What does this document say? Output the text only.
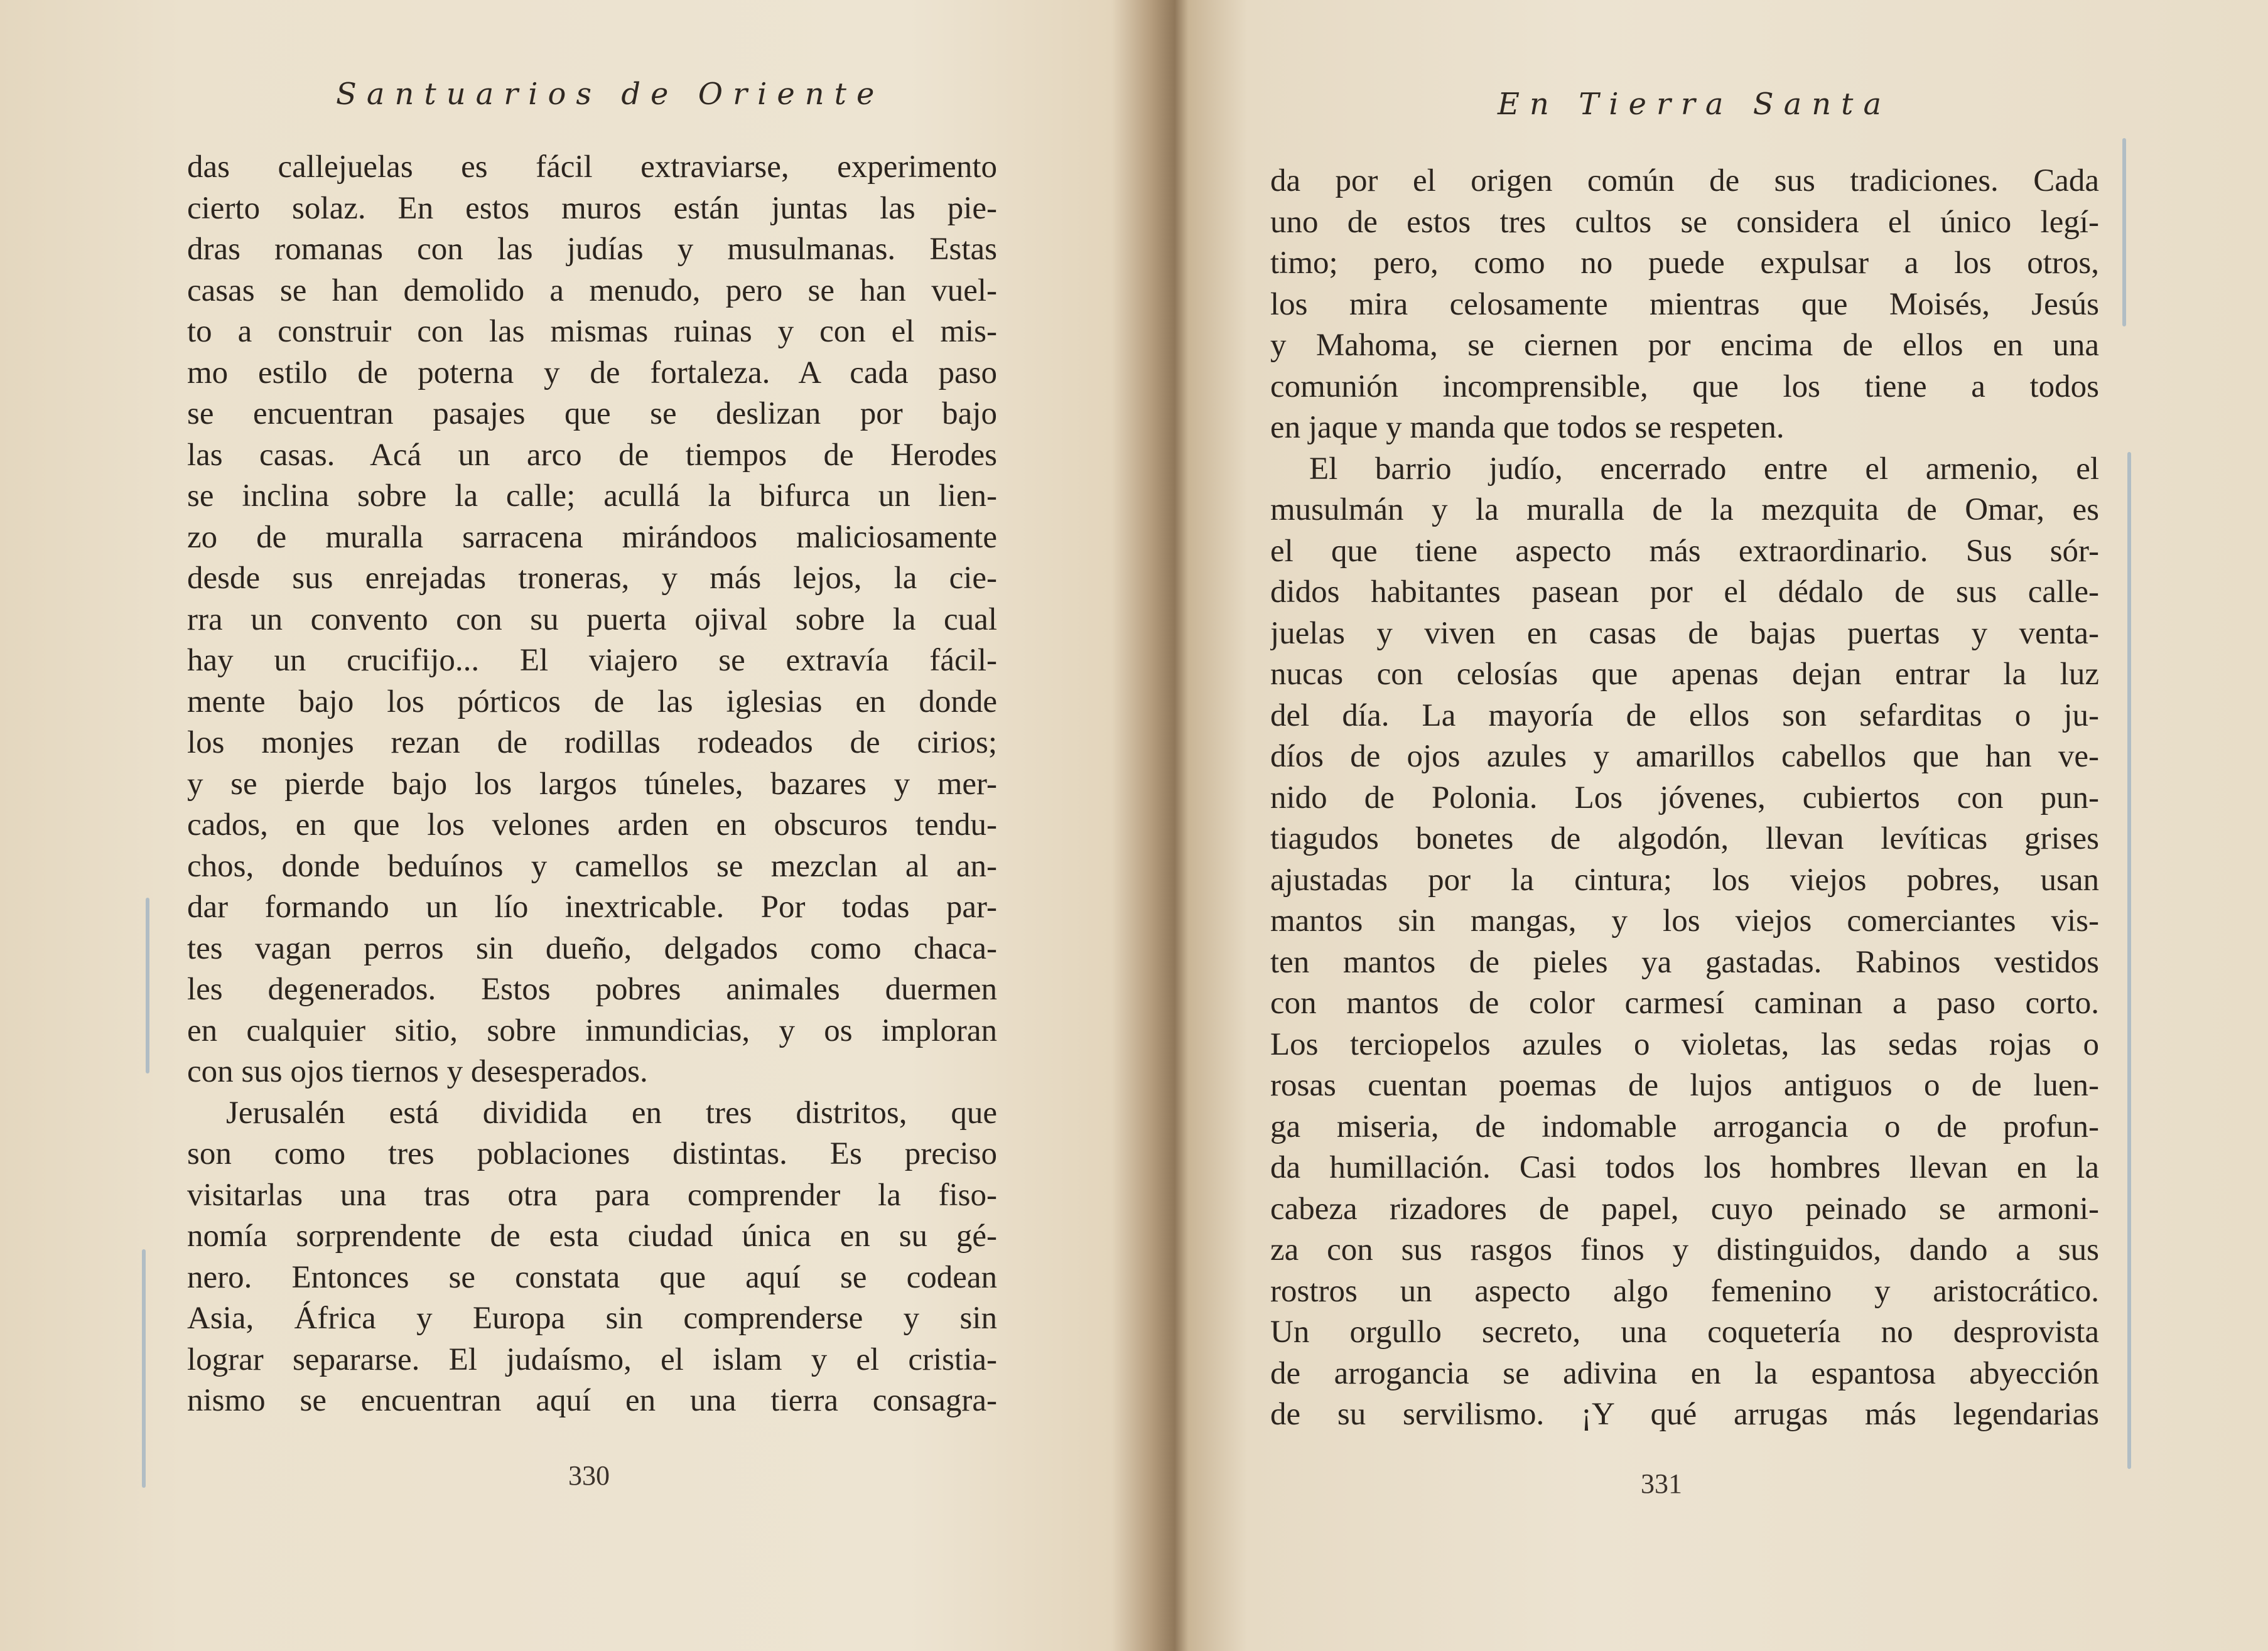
Santuarios de Oriente
das callejuelas es fácil extraviarse, experimento
cierto solaz. En estos muros están juntas las pie-
dras romanas con las judías y musulmanas. Estas
casas se han demolido a menudo, pero se han vuel-
to a construir con las mismas ruinas y con el mis-
mo estilo de poterna y de fortaleza. A cada paso
se encuentran pasajes que se deslizan por bajo
las casas. Acá un arco de tiempos de Herodes
se inclina sobre la calle; acullá la bifurca un lien-
zo de muralla sarracena mirándoos maliciosamente
desde sus enrejadas troneras, y más lejos, la cie-
rra un convento con su puerta ojival sobre la cual
hay un crucifijo... El viajero se extravía fácil-
mente bajo los pórticos de las iglesias en donde
los monjes rezan de rodillas rodeados de cirios;
y se pierde bajo los largos túneles, bazares y mer-
cados, en que los velones arden en obscuros tendu-
chos, donde beduínos y camellos se mezclan al an-
dar formando un lío inextricable. Por todas par-
tes vagan perros sin dueño, delgados como chaca-
les degenerados. Estos pobres animales duermen
en cualquier sitio, sobre inmundicias, y os imploran
con sus ojos tiernos y desesperados.
Jerusalén está dividida en tres distritos, que
son como tres poblaciones distintas. Es preciso
visitarlas una tras otra para comprender la fiso-
nomía sorprendente de esta ciudad única en su gé-
nero. Entonces se constata que aquí se codean
Asia, África y Europa sin comprenderse y sin
lograr separarse. El judaísmo, el islam y el cristia-
nismo se encuentran aquí en una tierra consagra-
330
En Tierra Santa
da por el origen común de sus tradiciones. Cada
uno de estos tres cultos se considera el único legí-
timo; pero, como no puede expulsar a los otros,
los mira celosamente mientras que Moisés, Jesús
y Mahoma, se ciernen por encima de ellos en una
comunión incomprensible, que los tiene a todos
en jaque y manda que todos se respeten.
El barrio judío, encerrado entre el armenio, el
musulmán y la muralla de la mezquita de Omar, es
el que tiene aspecto más extraordinario. Sus sór-
didos habitantes pasean por el dédalo de sus calle-
juelas y viven en casas de bajas puertas y venta-
nucas con celosías que apenas dejan entrar la luz
del día. La mayoría de ellos son sefarditas o ju-
díos de ojos azules y amarillos cabellos que han ve-
nido de Polonia. Los jóvenes, cubiertos con pun-
tiagudos bonetes de algodón, llevan levíticas grises
ajustadas por la cintura; los viejos pobres, usan
mantos sin mangas, y los viejos comerciantes vis-
ten mantos de pieles ya gastadas. Rabinos vestidos
con mantos de color carmesí caminan a paso corto.
Los terciopelos azules o violetas, las sedas rojas o
rosas cuentan poemas de lujos antiguos o de luen-
ga miseria, de indomable arrogancia o de profun-
da humillación. Casi todos los hombres llevan en la
cabeza rizadores de papel, cuyo peinado se armoni-
za con sus rasgos finos y distinguidos, dando a sus
rostros un aspecto algo femenino y aristocrático.
Un orgullo secreto, una coquetería no desprovista
de arrogancia se adivina en la espantosa abyección
de su servilismo. ¡Y qué arrugas más legendarias
331
